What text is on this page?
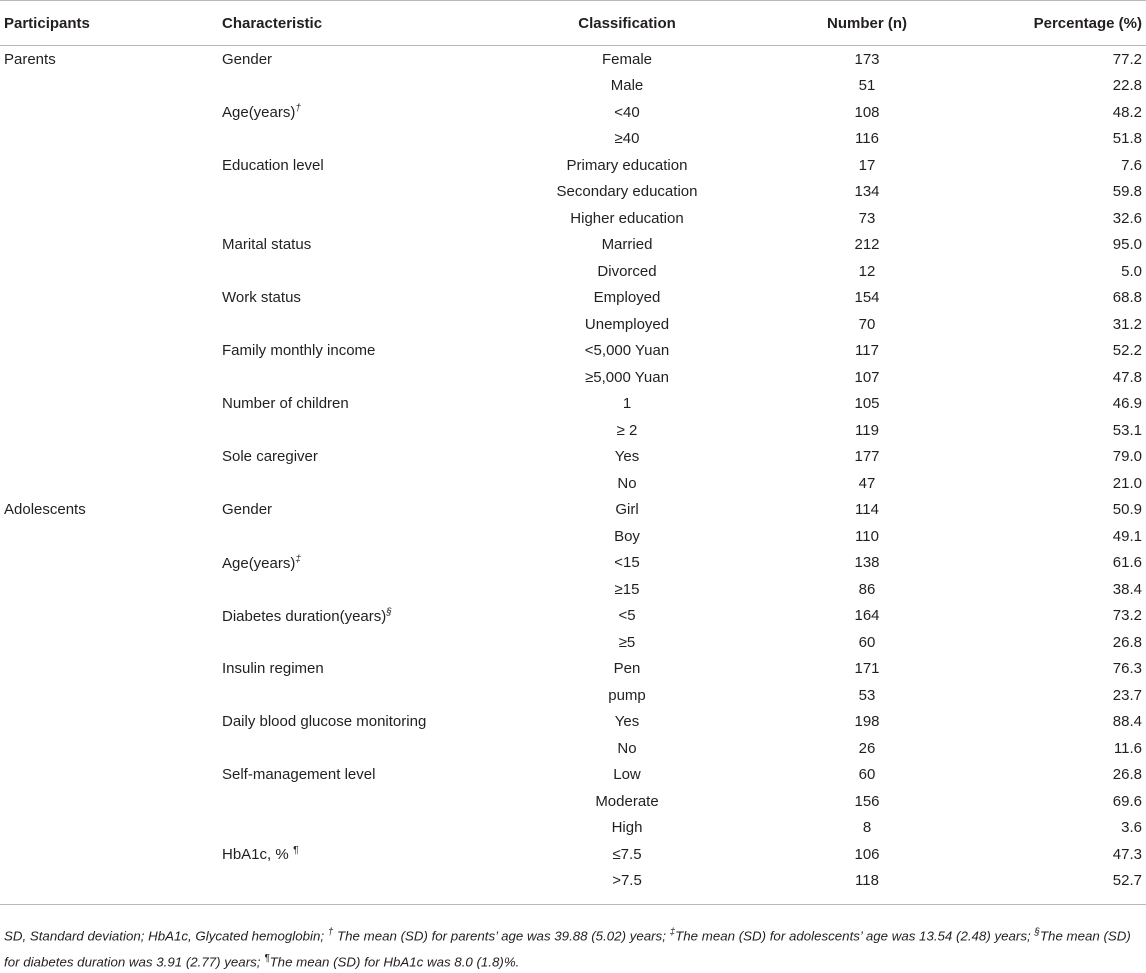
Participants	Characteristic	Classification	Number (n)	Percentage (%)
Parents	Gender	Female	173	77.2
		Male	51	22.8
	Age(years)†	<40	108	48.2
		≥40	116	51.8
	Education level	Primary education	17	7.6
		Secondary education	134	59.8
		Higher education	73	32.6
	Marital status	Married	212	95.0
		Divorced	12	5.0
	Work status	Employed	154	68.8
		Unemployed	70	31.2
	Family monthly income	<5,000 Yuan	117	52.2
		≥5,000 Yuan	107	47.8
	Number of children	1	105	46.9
		≥ 2	119	53.1
	Sole caregiver	Yes	177	79.0
		No	47	21.0
Adolescents	Gender	Girl	114	50.9
		Boy	110	49.1
	Age(years)‡	<15	138	61.6
		≥15	86	38.4
	Diabetes duration(years)§	<5	164	73.2
		≥5	60	26.8
	Insulin regimen	Pen	171	76.3
		pump	53	23.7
	Daily blood glucose monitoring	Yes	198	88.4
		No	26	11.6
	Self-management level	Low	60	26.8
		Moderate	156	69.6
		High	8	3.6
	HbA1c, % ¶	≤7.5	106	47.3
		>7.5	118	52.7
SD, Standard deviation; HbA1c, Glycated hemoglobin; † The mean (SD) for parents’ age was 39.88 (5.02) years; ‡The mean (SD) for adolescents’ age was 13.54 (2.48) years; §The mean (SD) for diabetes duration was 3.91 (2.77) years; ¶The mean (SD) for HbA1c was 8.0 (1.8)%.
